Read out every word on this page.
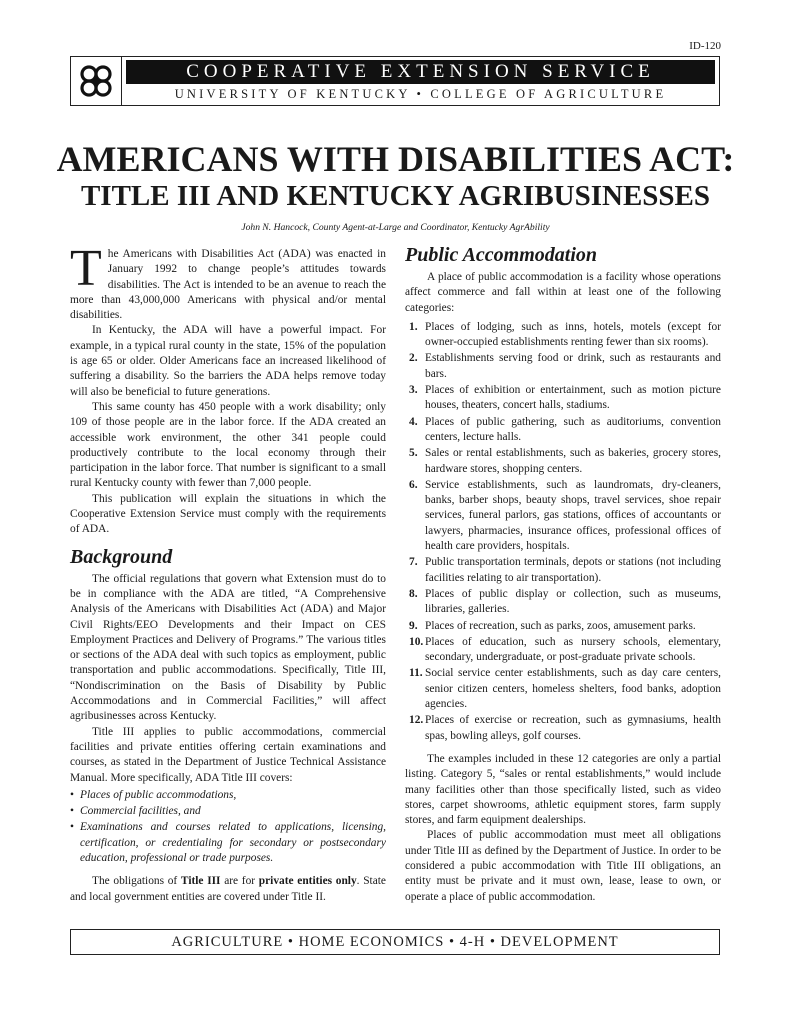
ID-120
COOPERATIVE EXTENSION SERVICE
UNIVERSITY OF KENTUCKY • COLLEGE OF AGRICULTURE
AMERICANS WITH DISABILITIES ACT:
TITLE III AND KENTUCKY AGRIBUSINESSES
John N. Hancock, County Agent-at-Large and Coordinator, Kentucky AgrAbility

The Americans with Disabilities Act (ADA) was enacted in January 1992 to change people’s attitudes towards disabilities. The Act is intended to be an avenue to reach the more than 43,000,000 Americans with physical and/or mental disabilities.

In Kentucky, the ADA will have a powerful impact. For example, in a typical rural county in the state, 15% of the population is age 65 or older. Older Americans face an increased likelihood of suffering a disability. So the barriers the ADA helps remove today will also be beneficial to future generations.

This same county has 450 people with a work disability; only 109 of those people are in the labor force. If the ADA created an accessible work environment, the other 341 people could productively contribute to the local economy through their participation in the labor force. That number is significant to a small rural Kentucky county with fewer than 7,000 people.

This publication will explain the situations in which the Cooperative Extension Service must comply with the requirements of ADA.

Background

The official regulations that govern what Extension must do to be in compliance with the ADA are titled, “A Comprehensive Analysis of the Americans with Disabilities Act (ADA) and Major Civil Rights/EEO Developments and their Impact on CES Employment Practices and Delivery of Programs.” The various titles or sections of the ADA deal with such topics as employment, public transportation and public accommodations. Specifically, Title III, “Nondiscrimination on the Basis of Disability by Public Accommodations and in Commercial Facilities,” will affect agribusinesses across Kentucky.

Title III applies to public accommodations, commercial facilities and private entities offering certain examinations and courses, as stated in the Department of Justice Technical Assistance Manual. More specifically, ADA Title III covers:

• Places of public accommodations,
• Commercial facilities, and
• Examinations and courses related to applications, licensing, certification, or credentialing for secondary or postsecondary education, professional or trade purposes.

The obligations of Title III are for private entities only. State and local government entities are covered under Title II.

Public Accommodation

A place of public accommodation is a facility whose operations affect commerce and fall within at least one of the following categories:

1. Places of lodging, such as inns, hotels, motels (except for owner-occupied establishments renting fewer than six rooms).
2. Establishments serving food or drink, such as restaurants and bars.
3. Places of exhibition or entertainment, such as motion picture houses, theaters, concert halls, stadiums.
4. Places of public gathering, such as auditoriums, convention centers, lecture halls.
5. Sales or rental establishments, such as bakeries, grocery stores, hardware stores, shopping centers.
6. Service establishments, such as laundromats, dry-cleaners, banks, barber shops, beauty shops, travel services, shoe repair services, funeral parlors, gas stations, offices of accountants or lawyers, pharmacies, insurance offices, professional offices of health care providers, hospitals.
7. Public transportation terminals, depots or stations (not including facilities relating to air transportation).
8. Places of public display or collection, such as museums, libraries, galleries.
9. Places of recreation, such as parks, zoos, amusement parks.
10. Places of education, such as nursery schools, elementary, secondary, undergraduate, or post-graduate private schools.
11. Social service center establishments, such as day care centers, senior citizen centers, homeless shelters, food banks, adoption agencies.
12. Places of exercise or recreation, such as gymnasiums, health spas, bowling alleys, golf courses.

The examples included in these 12 categories are only a partial listing. Category 5, “sales or rental establishments,” would include many facilities other than those specifically listed, such as video stores, carpet showrooms, athletic equipment stores, farm supply stores, and farm equipment dealerships.

Places of public accommodation must meet all obligations under Title III as defined by the Department of Justice. In order to be considered a pubic accommodation with Title III obligations, an entity must be private and it must own, lease, lease to own, or operate a place of public accommodation.

AGRICULTURE • HOME ECONOMICS • 4-H • DEVELOPMENT
